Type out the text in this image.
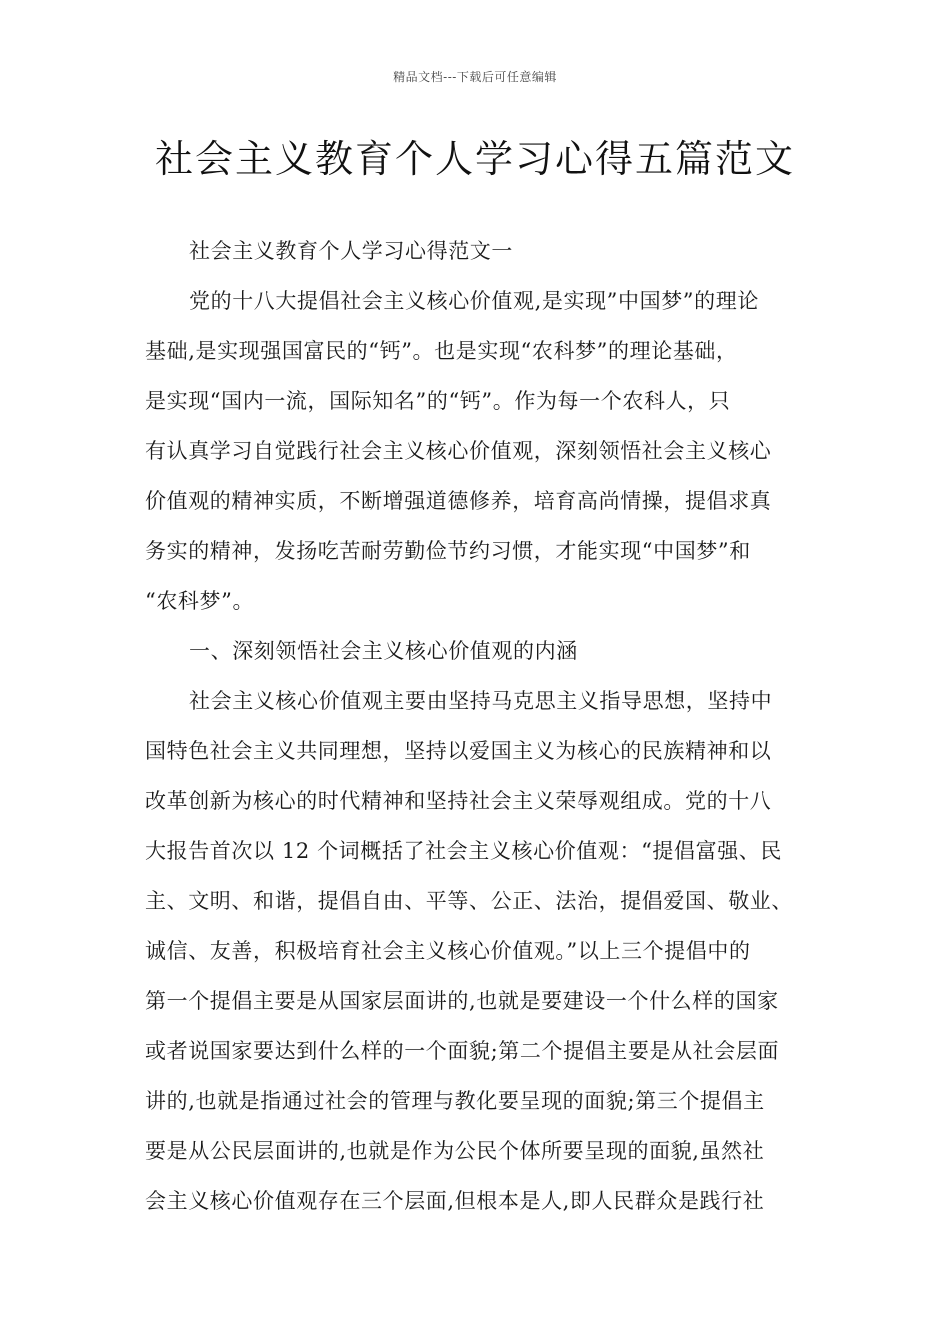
精品文档---下载后可任意编辑
社会主义教育个人学习心得五篇范文
社会主义教育个人学习心得范文一
党的十八大提倡社会主义核心价值观,是实现”中国梦”的理论
基础,是实现强国富民的“钙”。也是实现“农科梦”的理论基础，
是实现“国内一流，国际知名”的“钙”。作为每一个农科人，只
有认真学习自觉践行社会主义核心价值观，深刻领悟社会主义核心
价值观的精神实质，不断增强道德修养，培育高尚情操，提倡求真
务实的精神，发扬吃苦耐劳勤俭节约习惯，才能实现“中国梦”和
“农科梦”。
一、深刻领悟社会主义核心价值观的内涵
社会主义核心价值观主要由坚持马克思主义指导思想，坚持中
国特色社会主义共同理想，坚持以爱国主义为核心的民族精神和以
改革创新为核心的时代精神和坚持社会主义荣辱观组成。党的十八
大报告首次以 12 个词概括了社会主义核心价值观：“提倡富强、民
主、文明、和谐，提倡自由、平等、公正、法治，提倡爱国、敬业、
诚信、友善，积极培育社会主义核心价值观。”以上三个提倡中的
第一个提倡主要是从国家层面讲的,也就是要建设一个什么样的国家
或者说国家要达到什么样的一个面貌;第二个提倡主要是从社会层面
讲的,也就是指通过社会的管理与教化要呈现的面貌;第三个提倡主
要是从公民层面讲的,也就是作为公民个体所要呈现的面貌,虽然社
会主义核心价值观存在三个层面,但根本是人,即人民群众是践行社
